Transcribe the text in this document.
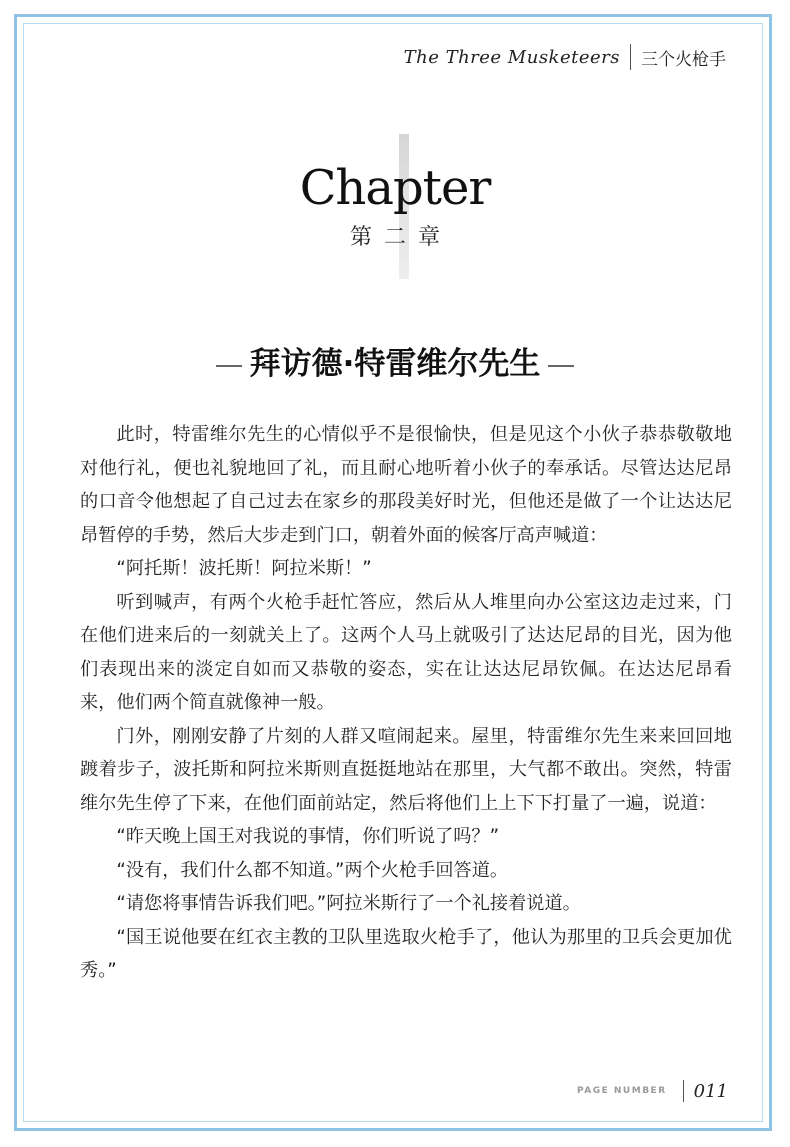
The Three Musketeers 三个火枪手
Chapter
第二章
拜访德·特雷维尔先生

此时，特雷维尔先生的心情似乎不是很愉快，但是见这个小伙子恭恭敬敬地对他行礼，便也礼貌地回了礼，而且耐心地听着小伙子的奉承话。尽管达达尼昂的口音令他想起了自己过去在家乡的那段美好时光，但他还是做了一个让达达尼昂暂停的手势，然后大步走到门口，朝着外面的候客厅高声喊道：

“阿托斯！波托斯！阿拉米斯！”

听到喊声，有两个火枪手赶忙答应，然后从人堆里向办公室这边走过来，门在他们进来后的一刻就关上了。这两个人马上就吸引了达达尼昂的目光，因为他们表现出来的淡定自如而又恭敬的姿态，实在让达达尼昂钦佩。在达达尼昂看来，他们两个简直就像神一般。

门外，刚刚安静了片刻的人群又喧闹起来。屋里，特雷维尔先生来来回回地踱着步子，波托斯和阿拉米斯则直挺挺地站在那里，大气都不敢出。突然，特雷维尔先生停了下来，在他们面前站定，然后将他们上上下下打量了一遍，说道：

“昨天晚上国王对我说的事情，你们听说了吗？”

“没有，我们什么都不知道。”两个火枪手回答道。

“请您将事情告诉我们吧。”阿拉米斯行了一个礼接着说道。

“国王说他要在红衣主教的卫队里选取火枪手了，他认为那里的卫兵会更加优秀。”

PAGE NUMBER 011
